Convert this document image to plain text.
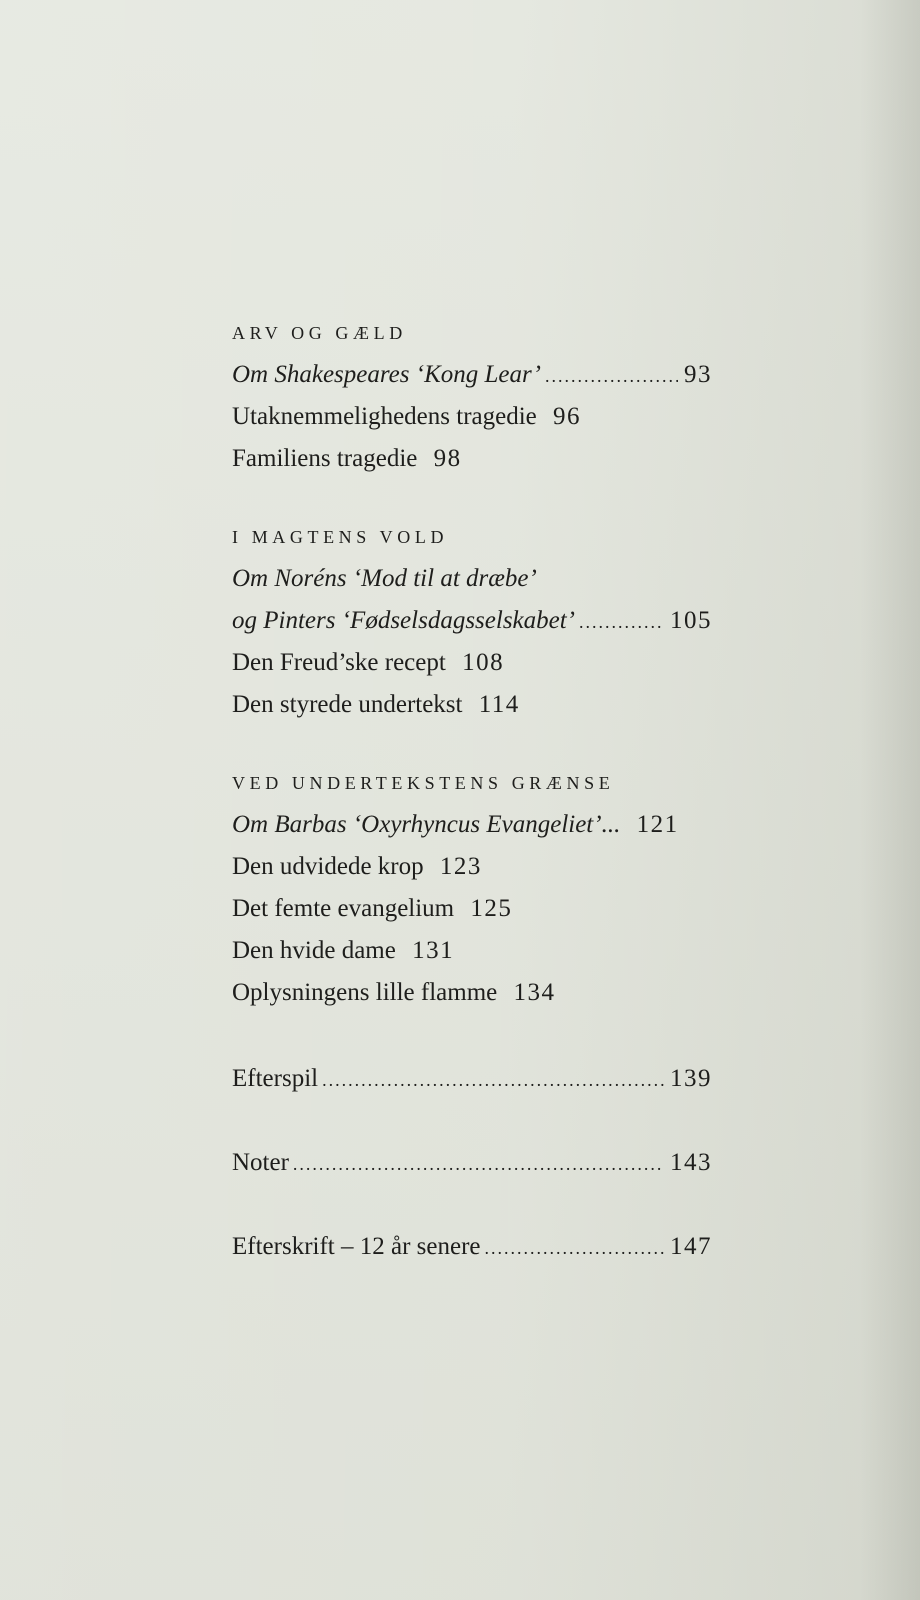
ARV OG GÆLD
Om Shakespeares ‘Kong Lear’ .....	93
Utaknemmelighedens tragedie 96
Familiens tragedie 98
I MAGTENS VOLD
Om Noréns ‘Mod til at dræbe’
og Pinters ‘Fødselsdagsselskabet’ .....	105
Den Freud’ske recept 108
Den styrede undertekst 114
VED UNDERTEKSTENS GRÆNSE
Om Barbas ‘Oxyrhyncus Evangeliet’... 121
Den udvidede krop 123
Det femte evangelium 125
Den hvide dame 131
Oplysningens lille flamme 134
Efterspil .....	139
Noter .....	143
Efterskrift – 12 år senere .....	147
